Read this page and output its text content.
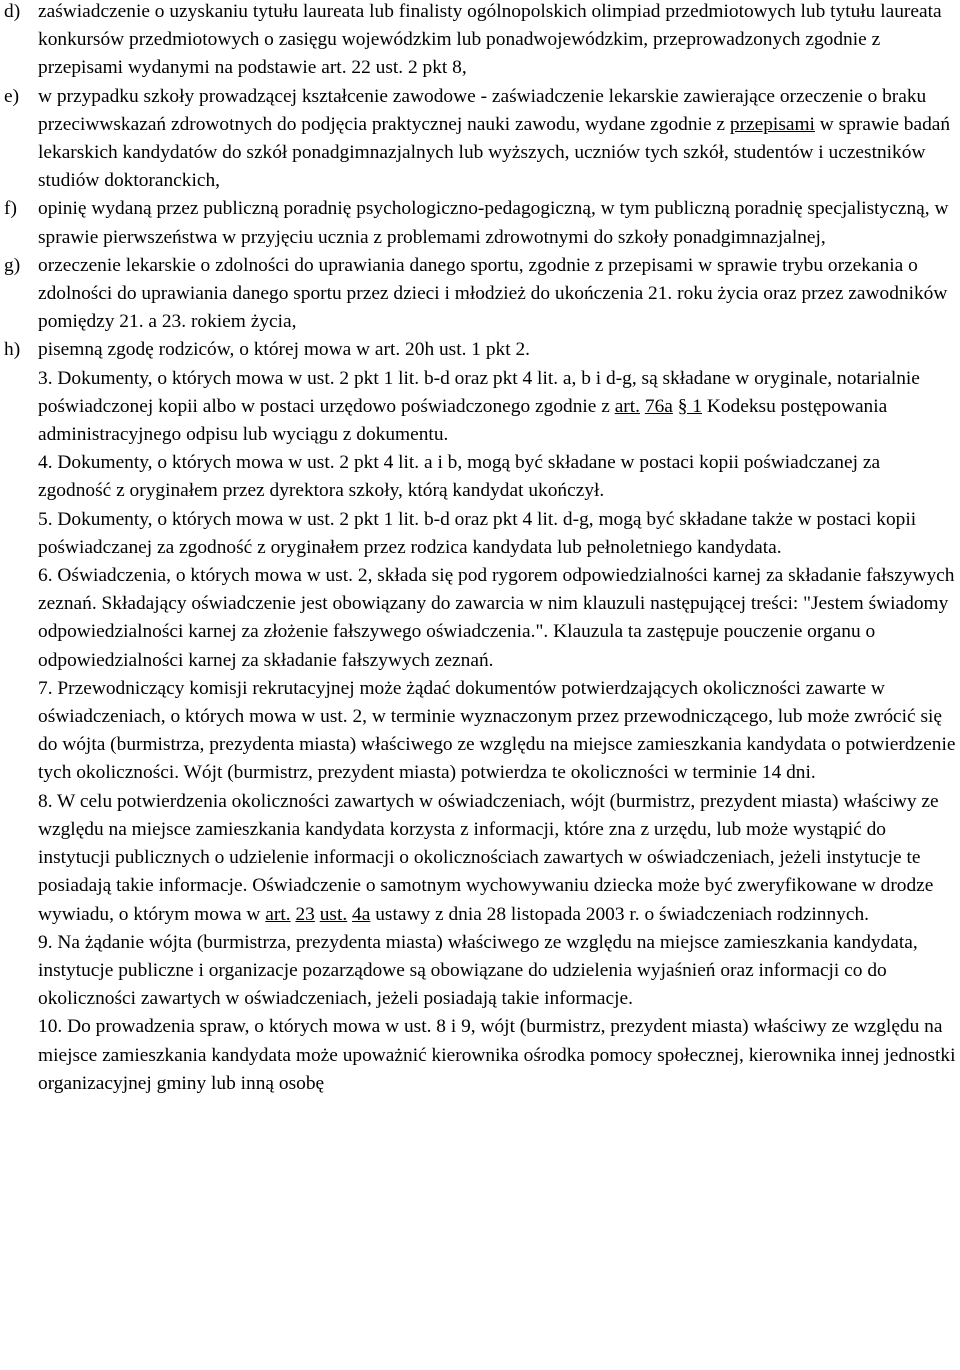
d) zaświadczenie o uzyskaniu tytułu laureata lub finalisty ogólnopolskich olimpiad przedmiotowych lub tytułu laureata konkursów przedmiotowych o zasięgu wojewódzkim lub ponadwojewódzkim, przeprowadzonych zgodnie z przepisami wydanymi na podstawie art. 22 ust. 2 pkt 8,
e) w przypadku szkoły prowadzącej kształcenie zawodowe - zaświadczenie lekarskie zawierające orzeczenie o braku przeciwwskazań zdrowotnych do podjęcia praktycznej nauki zawodu, wydane zgodnie z przepisami w sprawie badań lekarskich kandydatów do szkół ponadgimnazjalnych lub wyższych, uczniów tych szkół, studentów i uczestników studiów doktoranckich,
f)	opinię wydaną przez publiczną poradnię psychologiczno-pedagogiczną, w tym publiczną poradnię specjalistyczną, w sprawie pierwszeństwa w przyjęciu ucznia z problemami zdrowotnymi do szkoły ponadgimnazjalnej,
g) orzeczenie lekarskie o zdolności do uprawiania danego sportu, zgodnie z przepisami w sprawie trybu orzekania o zdolności do uprawiania danego sportu przez dzieci i młodzież do ukończenia 21. roku życia oraz przez zawodników pomiędzy 21. a 23. rokiem życia,
h) pisemną zgodę rodziców, o której mowa w art. 20h ust. 1 pkt 2.
3. Dokumenty, o których mowa w ust. 2 pkt 1 lit. b-d oraz pkt 4 lit. a, b i d-g, są składane w oryginale, notarialnie poświadczonej kopii albo w postaci urzędowo poświadczonego zgodnie z art. 76a § 1 Kodeksu postępowania administracyjnego odpisu lub wyciągu z dokumentu.
4. Dokumenty, o których mowa w ust. 2 pkt 4 lit. a i b, mogą być składane w postaci kopii poświadczanej za zgodność z oryginałem przez dyrektora szkoły, którą kandydat ukończył.
5. Dokumenty, o których mowa w ust. 2 pkt 1 lit. b-d oraz pkt 4 lit. d-g, mogą być składane także w postaci kopii poświadczanej za zgodność z oryginałem przez rodzica kandydata lub pełnoletniego kandydata.
6. Oświadczenia, o których mowa w ust. 2, składa się pod rygorem odpowiedzialności karnej za składanie fałszywych zeznań. Składający oświadczenie jest obowiązany do zawarcia w nim klauzuli następującej treści: "Jestem świadomy odpowiedzialności karnej za złożenie fałszywego oświadczenia.". Klauzula ta zastępuje pouczenie organu o odpowiedzialności karnej za składanie fałszywych zeznań.
7. Przewodniczący komisji rekrutacyjnej może żądać dokumentów potwierdzających okoliczności zawarte w oświadczeniach, o których mowa w ust. 2, w terminie wyznaczonym przez przewodniczącego, lub może zwrócić się do wójta (burmistrza, prezydenta miasta) właściwego ze względu na miejsce zamieszkania kandydata o potwierdzenie tych okoliczności. Wójt (burmistrz, prezydent miasta) potwierdza te okoliczności w terminie 14 dni.
8. W celu potwierdzenia okoliczności zawartych w oświadczeniach, wójt (burmistrz, prezydent miasta) właściwy ze względu na miejsce zamieszkania kandydata korzysta z informacji, które zna z urzędu, lub może wystąpić do instytucji publicznych o udzielenie informacji o okolicznościach zawartych w oświadczeniach, jeżeli instytucje te posiadają takie informacje. Oświadczenie o samotnym wychowywaniu dziecka może być zweryfikowane w drodze wywiadu, o którym mowa w art. 23 ust. 4a ustawy z dnia 28 listopada 2003 r. o świadczeniach rodzinnych.
9. Na żądanie wójta (burmistrza, prezydenta miasta) właściwego ze względu na miejsce zamieszkania kandydata, instytucje publiczne i organizacje pozarządowe są obowiązane do udzielenia wyjaśnień oraz informacji co do okoliczności zawartych w oświadczeniach, jeżeli posiadają takie informacje.
10. Do prowadzenia spraw, o których mowa w ust. 8 i 9, wójt (burmistrz, prezydent miasta) właściwy ze względu na miejsce zamieszkania kandydata może upoważnić kierownika ośrodka pomocy społecznej, kierownika innej jednostki organizacyjnej gminy lub inną osobę
